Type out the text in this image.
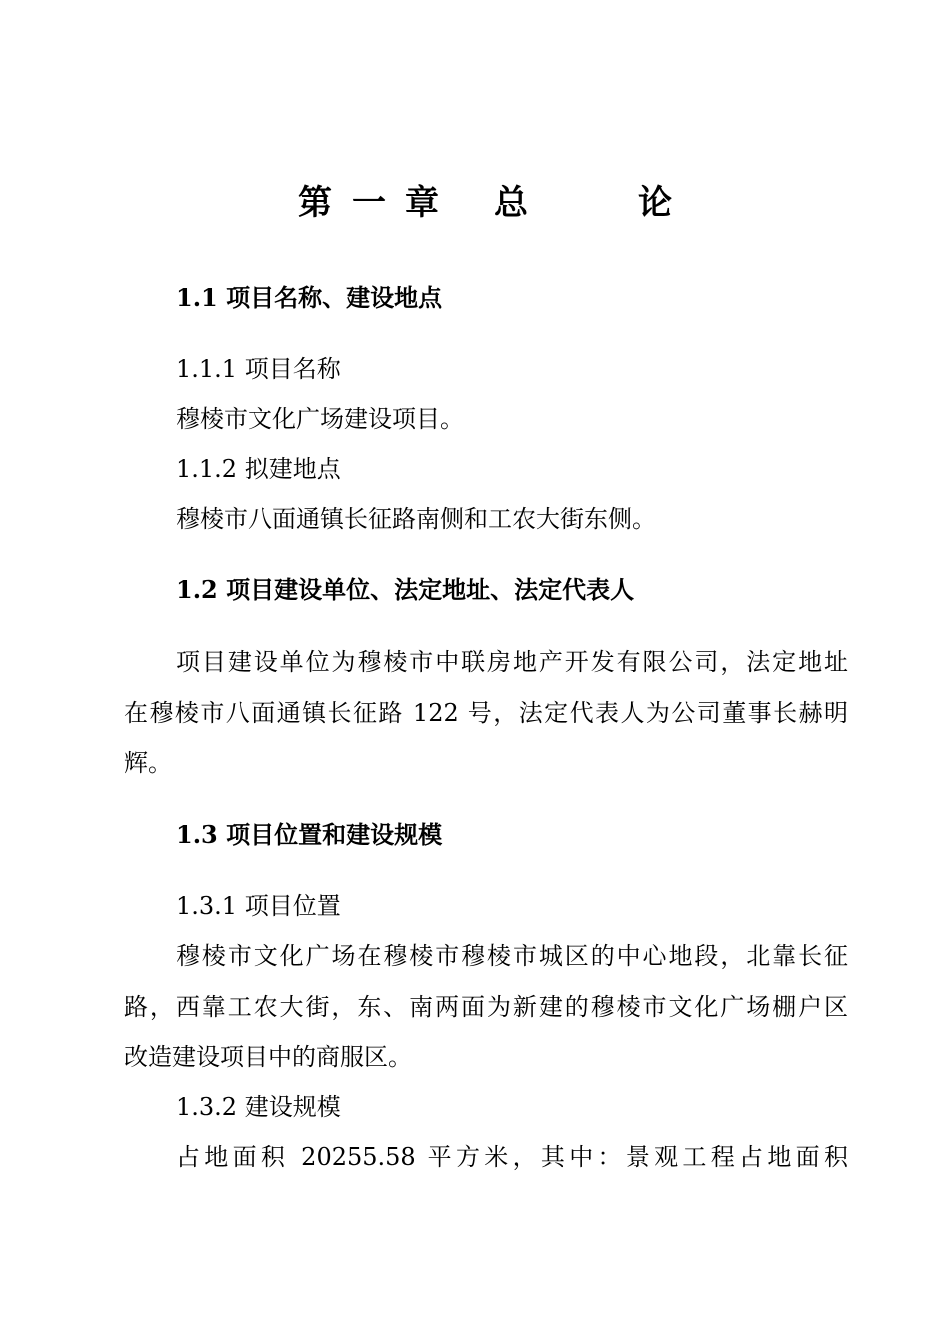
第 一 章 总	论
1.1 项目名称、建设地点
1.1.1 项目名称
穆棱市文化广场建设项目。
1.1.2 拟建地点
穆棱市八面通镇长征路南侧和工农大街东侧。
1.2 项目建设单位、法定地址、法定代表人
项目建设单位为穆棱市中联房地产开发有限公司，法定地址
在穆棱市八面通镇长征路 122 号，法定代表人为公司董事长赫明
辉。
1.3 项目位置和建设规模
1.3.1 项目位置
穆棱市文化广场在穆棱市穆棱市城区的中心地段，北靠长征
路，西靠工农大街，东、南两面为新建的穆棱市文化广场棚户区
改造建设项目中的商服区。
1.3.2 建设规模
占地面积 20255.58 平方米，其中：景观工程占地面积
